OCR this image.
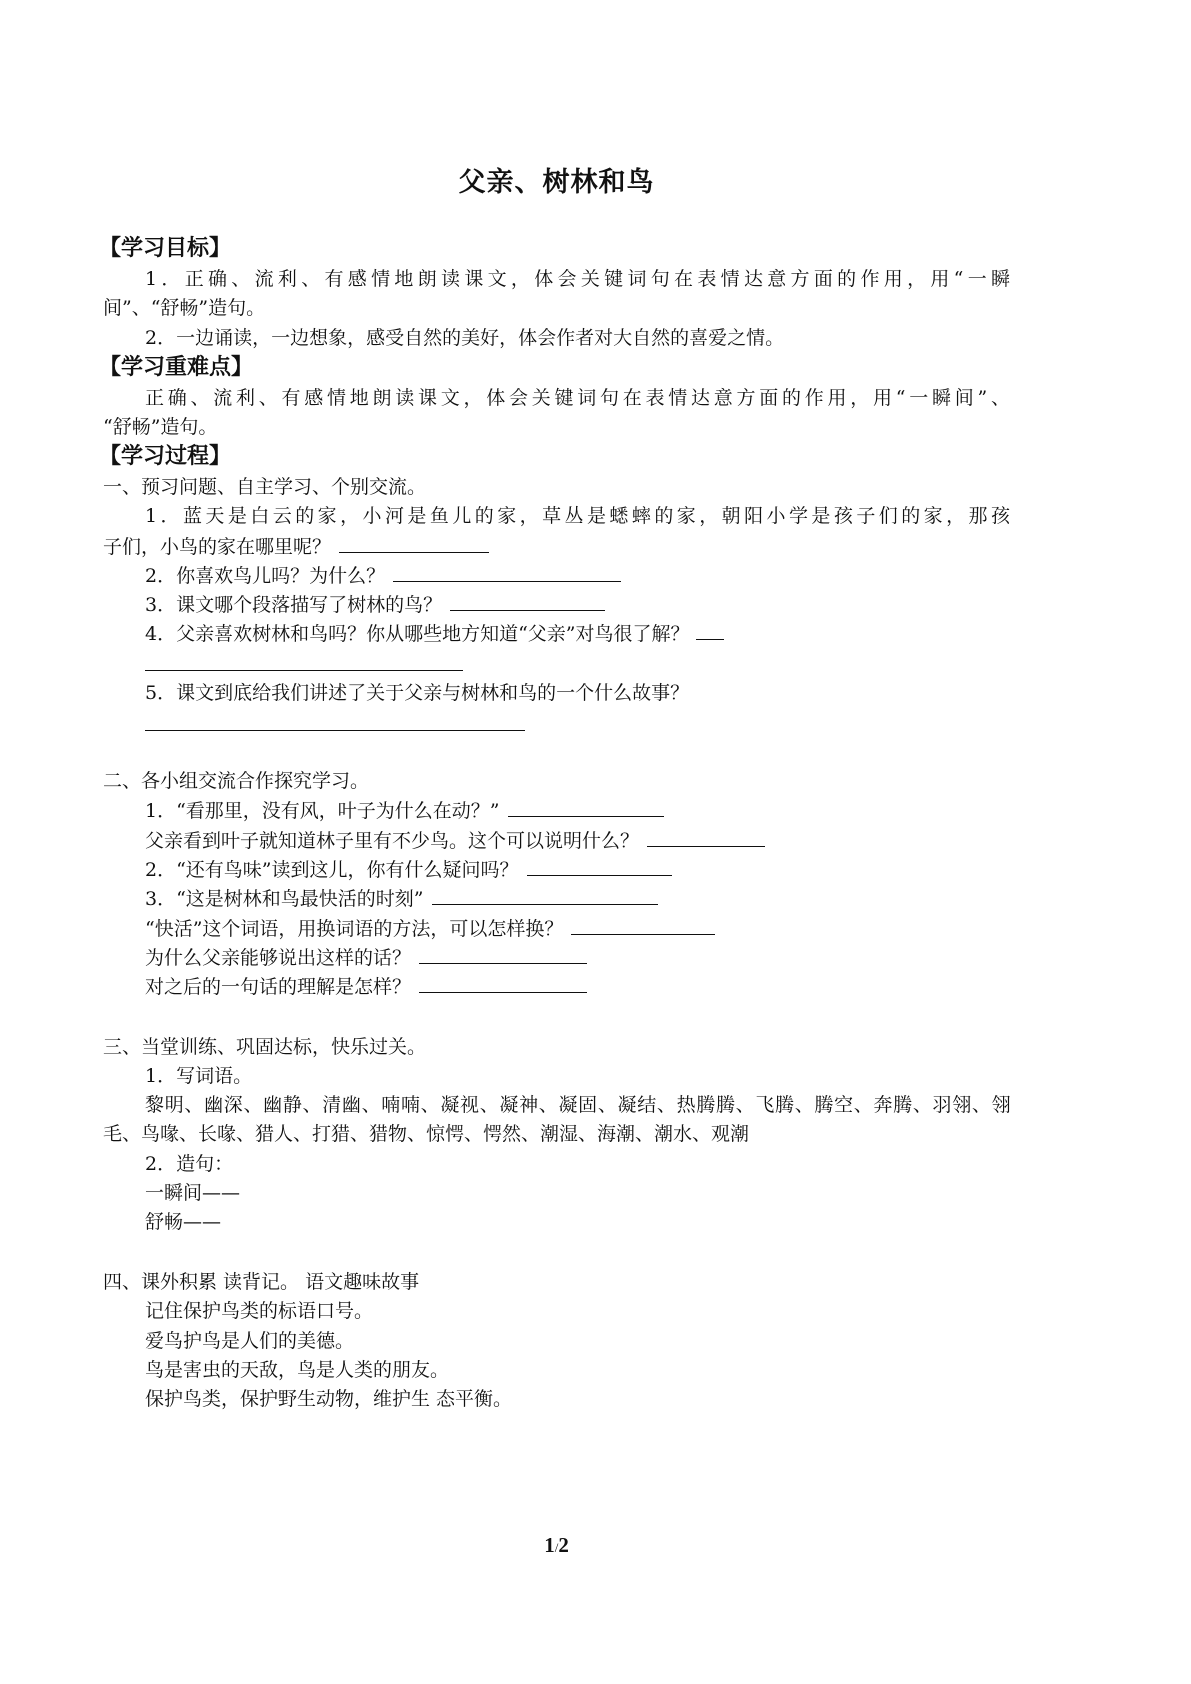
父亲、树林和鸟
【学习目标】
1．正确、流利、有感情地朗读课文，体会关键词句在表情达意方面的作用，用“一瞬
间”、“舒畅”造句。
2．一边诵读，一边想象，感受自然的美好，体会作者对大自然的喜爱之情。
【学习重难点】
正确、流利、有感情地朗读课文，体会关键词句在表情达意方面的作用，用“一瞬间”、
“舒畅”造句。
【学习过程】
一、预习问题、自主学习、个别交流。
1．蓝天是白云的家，小河是鱼儿的家，草丛是蟋蟀的家，朝阳小学是孩子们的家，那孩
子们，小鸟的家在哪里呢？
2．你喜欢鸟儿吗？为什么？
3．课文哪个段落描写了树林的鸟？
4．父亲喜欢树林和鸟吗？你从哪些地方知道“父亲”对鸟很了解？
5．课文到底给我们讲述了关于父亲与树林和鸟的一个什么故事？
二、各小组交流合作探究学习。
1．“看那里，没有风，叶子为什么在动？”
父亲看到叶子就知道林子里有不少鸟。这个可以说明什么？
2．“还有鸟味”读到这儿，你有什么疑问吗？
3．“这是树林和鸟最快活的时刻”
“快活”这个词语，用换词语的方法，可以怎样换？
为什么父亲能够说出这样的话？
对之后的一句话的理解是怎样？
三、当堂训练、巩固达标，快乐过关。
1．写词语。
黎明、幽深、幽静、清幽、喃喃、凝视、凝神、凝固、凝结、热腾腾、飞腾、腾空、奔腾、羽翎、翎
毛、鸟喙、长喙、猎人、打猎、猎物、惊愕、愕然、潮湿、海潮、潮水、观潮
2．造句：
一瞬间——
舒畅——
四、课外积累 读背记。 语文趣味故事
记住保护鸟类的标语口号。
爱鸟护鸟是人们的美德。
鸟是害虫的天敌，鸟是人类的朋友。
保护鸟类，保护野生动物，维护生 态平衡。
1/2
